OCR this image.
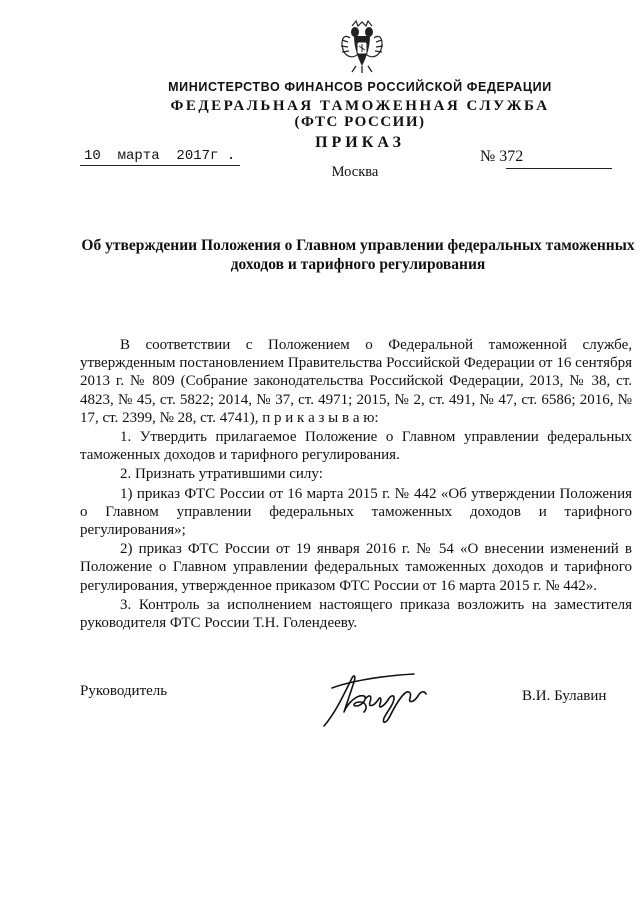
МИНИСТЕРСТВО ФИНАНСОВ РОССИЙСКОЙ ФЕДЕРАЦИИ
ФЕДЕРАЛЬНАЯ ТАМОЖЕННАЯ СЛУЖБА
(ФТС РОССИИ)
ПРИКАЗ
10  марта  2017г .	№ 372
Москва
Об утверждении Положения о Главном управлении федеральных таможенных доходов и тарифного регулирования

В соответствии с Положением о Федеральной таможенной службе, утвержденным постановлением Правительства Российской Федерации от 16 сентября 2013 г. № 809 (Собрание законодательства Российской Федерации, 2013, № 38, ст. 4823, № 45, ст. 5822; 2014, № 37, ст. 4971; 2015, № 2, ст. 491, № 47, ст. 6586; 2016, № 17, ст. 2399, № 28, ст. 4741), п р и к а з ы в а ю:

1. Утвердить прилагаемое Положение о Главном управлении федеральных таможенных доходов и тарифного регулирования.

2. Признать утратившими силу:

1) приказ ФТС России от 16 марта 2015 г. № 442 «Об утверждении Положения о Главном управлении федеральных таможенных доходов и тарифного регулирования»;

2) приказ ФТС России от 19 января 2016 г. № 54 «О внесении изменений в Положение о Главном управлении федеральных таможенных доходов и тарифного регулирования, утвержденное приказом ФТС России от 16 марта 2015 г. № 442».

3. Контроль за исполнением настоящего приказа возложить на заместителя руководителя ФТС России Т.Н. Голендееву.

Руководитель	В.И. Булавин
